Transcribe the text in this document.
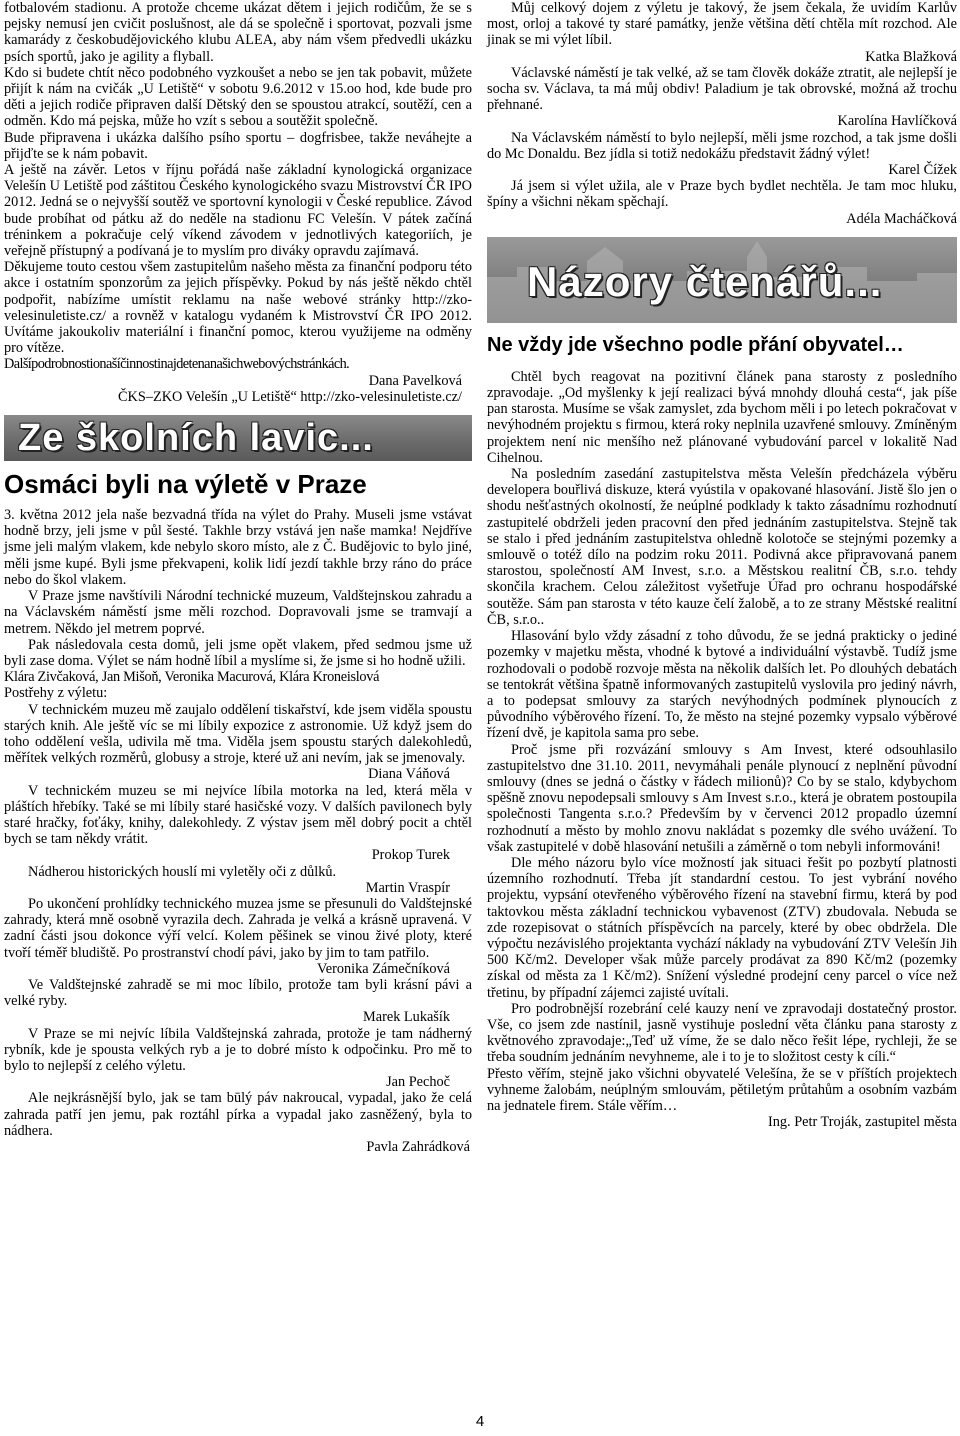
fotbalovém stadionu. A protože chceme ukázat dětem i jejich rodičům, že se s pejsky nemusí jen cvičit poslušnost, ale dá se společně i sportovat, pozvali jsme kamarády z českobudějovického klubu ALEA, aby nám všem předvedli ukázku psích sportů, jako je agility a flyball.

Kdo si budete chtít něco podobného vyzkoušet a nebo se jen tak pobavit, můžete přijít k nám na cvičák „U Letiště“ v sobotu 9.6.2012 v 15.oo hod, kde bude pro děti a jejich rodiče připraven další Dětský den se spoustou atrakcí, soutěží, cen a odměn. Kdo má pejska, může ho vzít s sebou a soutěžit společně.

Bude připravena i ukázka dalšího psího sportu – dogfrisbee, takže neváhejte a přijďte se k nám pobavit.

A ještě na závěr. Letos v říjnu pořádá naše základní kynologická organizace Velešín U Letiště pod záštitou Českého kynologického svazu Mistrovství ČR IPO 2012. Jedná se o nejvyšší soutěž ve sportovní kynologii v České republice. Závod bude probíhat od pátku až do neděle na stadionu FC Velešín. V pátek začíná tréninkem a pokračuje celý víkend závodem v jednotlivých kategoriích, je veřejně přístupný a podívaná je to myslím pro diváky opravdu zajímavá.

Děkujeme touto cestou všem zastupitelům našeho města za finanční podporu této akce i ostatním sponzorům za jejich příspěvky. Pokud by nás ještě někdo chtěl podpořit, nabízíme umístit reklamu na naše webové stránky http://zko-velesinuletiste.cz/ a rovněž v katalogu vydaném k Mistrovství ČR IPO 2012. Uvítáme jakoukoliv materiální i finanční pomoc, kterou využijeme na odměny pro vítěze.

Dalšípodrobnostionašíčinnostinajdetenanašichwebovýchstránkách.

Dana Pavelková

ČKS–ZKO Velešín „U Letiště“ http://zko-velesinuletiste.cz/

Ze školních lavic...
Osmáci byli na výletě v Praze

3. května 2012 jela naše bezvadná třída na výlet do Prahy. Museli jsme vstávat hodně brzy, jeli jsme v půl šesté. Takhle brzy vstává jen naše mamka! Nejdříve jsme jeli malým vlakem, kde nebylo skoro místo, ale z Č. Budějovic to bylo jiné, měli jsme kupé. Byli jsme překvapeni, kolik lidí jezdí takhle brzy ráno do práce nebo do škol vlakem.

V Praze jsme navštívili Národní technické muzeum, Valdštejnskou zahradu a na Václavském náměstí jsme měli rozchod. Dopravovali jsme se tramvají a metrem. Někdo jel metrem poprvé.

Pak následovala cesta domů, jeli jsme opět vlakem, před sedmou jsme už byli zase doma. Výlet se nám hodně líbil a myslíme si, že jsme si ho hodně užili.

Klára Zivčaková, Jan Mišoň, Veronika Macurová, Klára Kroneislová

Postřehy z výletu:

V technickém muzeu mě zaujalo oddělení tiskařství, kde jsem viděla spoustu starých knih. Ale ještě víc se mi líbily expozice z astronomie. Už když jsem do toho oddělení vešla, udivila mě tma. Viděla jsem spoustu starých dalekohledů, měřítek velkých rozměrů, globusy a stroje, které už ani nevím, jak se jmenovaly.

Diana Váňová

V technickém muzeu se mi nejvíce líbila motorka na led, která měla v pláštích hřebíky. Také se mi líbily staré hasičské vozy. V dalších pavilonech byly staré hračky, foťáky, knihy, dalekohledy. Z výstav jsem měl dobrý pocit a chtěl bych se tam někdy vrátit.

Prokop Turek

Nádherou historických houslí mi vyletěly oči z důlků.

Martin Vraspír

Po ukončení prohlídky technického muzea jsme se přesunuli do Valdštejnské zahrady, která mně osobně vyrazila dech. Zahrada je velká a krásně upravená. V zadní části jsou dokonce výří velcí. Kolem pěšinek se vinou živé ploty, které tvoří téměř bludiště. Po prostranství chodí pávi, jako by jim to tam patřilo.

Veronika Zámečníková

Ve Valdštejnské zahradě se mi moc líbilo, protože tam byli krásní pávi a velké ryby.

Marek Lukašík

V Praze se mi nejvíc líbila Valdštejnská zahrada, protože je tam nádherný rybník, kde je spousta velkých ryb a je to dobré místo k odpočinku. Pro mě to bylo to nejlepší z celého výletu.

Jan Pechoč

Ale nejkrásnější bylo, jak se tam būlý páv nakroucal, vypadal, jako že celá zahrada patří jen jemu, pak roztáhl pírka a vypadal jako zasněžený, byla to nádhera.

Pavla Zahrádková

Můj celkový dojem z výletu je takový, že jsem čekala, že uvidím Karlův most, orloj a takové ty staré památky, jenže většina dětí chtěla mít rozchod. Ale jinak se mi výlet líbil.

Katka Blažková

Václavské náměstí je tak velké, až se tam člověk dokáže ztratit, ale nejlepší je socha sv. Václava, ta má můj obdiv! Paladium je tak obrovské, možná až trochu přehnané.

Karolína Havlíčková

Na Václavském náměstí to bylo nejlepší, měli jsme rozchod, a tak jsme došli do Mc Donaldu. Bez jídla si totiž nedokážu představit žádný výlet!

Karel Čížek

Já jsem si výlet užila, ale v Praze bych bydlet nechtěla. Je tam moc hluku, špíny a všichni někam spěchají.

Adéla Macháčková

Názory čtenářů...
Ne vždy jde všechno podle přání obyvatel…

Chtěl bych reagovat na pozitivní článek pana starosty z posledního zpravodaje. „Od myšlenky k její realizaci bývá mnohdy dlouhá cesta“, jak píše pan starosta. Musíme se však zamyslet, zda bychom měli i po letech pokračovat v nevýhodném projektu s firmou, která roky neplnila uzavřené smlouvy. Zmíněným projektem není nic menšího než plánované vybudování parcel v lokalitě Nad Cihelnou.

Na posledním zasedání zastupitelstva města Velešín předcházela výběru developera bouřlivá diskuze, která vyústila v opakované hlasování. Jistě šlo jen o shodu nešťastných okolností, že neúplné podklady k takto zásadnímu rozhodnutí zastupitelé obdrželi jeden pracovní den před jednáním zastupitelstva. Stejně tak se stalo i před jednáním zastupitelstva ohledně kolotoče se stejnými pozemky a smlouvě o totéž dílo na podzim roku 2011. Podivná akce připravovaná panem starostou, společností AM Invest, s.r.o. a Městskou realitní ČB, s.r.o. tehdy skončila krachem. Celou záležitost vyšetřuje Úřad pro ochranu hospodářské soutěže. Sám pan starosta v této kauze čelí žalobě, a to ze strany Městské realitní ČB, s.r.o..

Hlasování bylo vždy zásadní z toho důvodu, že se jedná prakticky o jediné pozemky v majetku města, vhodné k bytové a individuální výstavbě. Tudíž jsme rozhodovali o podobě rozvoje města na několik dalších let. Po dlouhých debatách se tentokrát většina špatně informovaných zastupitelů vyslovila pro jediný návrh, a to podepsat smlouvy za starých nevýhodných podmínek plynoucích z původního výběrového řízení. To, že město na stejné pozemky vypsalo výběrové řízení dvě, je kapitola sama pro sebe.

Proč jsme při rozvázání smlouvy s Am Invest, které odsouhlasilo zastupitelstvo dne 31.10. 2011, nevymáhali penále plynoucí z neplnění původní smlouvy (dnes se jedná o částky v řádech milionů)? Co by se stalo, kdybychom spěšně znovu nepodepsali smlouvy s Am Invest s.r.o., která je obratem postoupila společnosti Tangenta s.r.o.? Především by v červenci 2012 propadlo územní rozhodnutí a město by mohlo znovu nakládat s pozemky dle svého uvážení. To však zastupitelé v době hlasování netušili a záměrně o tom nebyli informováni!

Dle mého názoru bylo více možností jak situaci řešit po pozbytí platnosti územního rozhodnutí. Třeba jít standardní cestou. To jest vybrání nového projektu, vypsání otevřeného výběrového řízení na stavební firmu, která by pod taktovkou města základní technickou vybavenost (ZTV) zbudovala. Nebuda se zde rozepisovat o státních příspěvcích na parcely, které by obec obdržela. Dle výpočtu nezávislého projektanta vychází náklady na vybudování ZTV Velešín Jih 500 Kč/m2. Developer však může parcely prodávat za 890 Kč/m2 (pozemky získal od města za 1 Kč/m2). Snížení výsledné prodejní ceny parcel o více než třetinu, by případní zájemci zajisté uvítali.

Pro podrobnější rozebrání celé kauzy není ve zpravodaji dostatečný prostor. Vše, co jsem zde nastínil, jasně vystihuje poslední věta článku pana starosty z květnového zpravodaje:„Teď už víme, že se dalo něco řešit lépe, rychleji, že se třeba soudním jednáním nevyhneme, ale i to je to složitost cesty k cíli.“

Přesto věřím, stejně jako všichni obyvatelé Velešína, že se v příštích projektech vyhneme žalobám, neúplným smlouvám, pětiletým průtahům a osobním vazbám na jednatele firem. Stále věřím…

Ing. Petr Troják, zastupitel města

4
